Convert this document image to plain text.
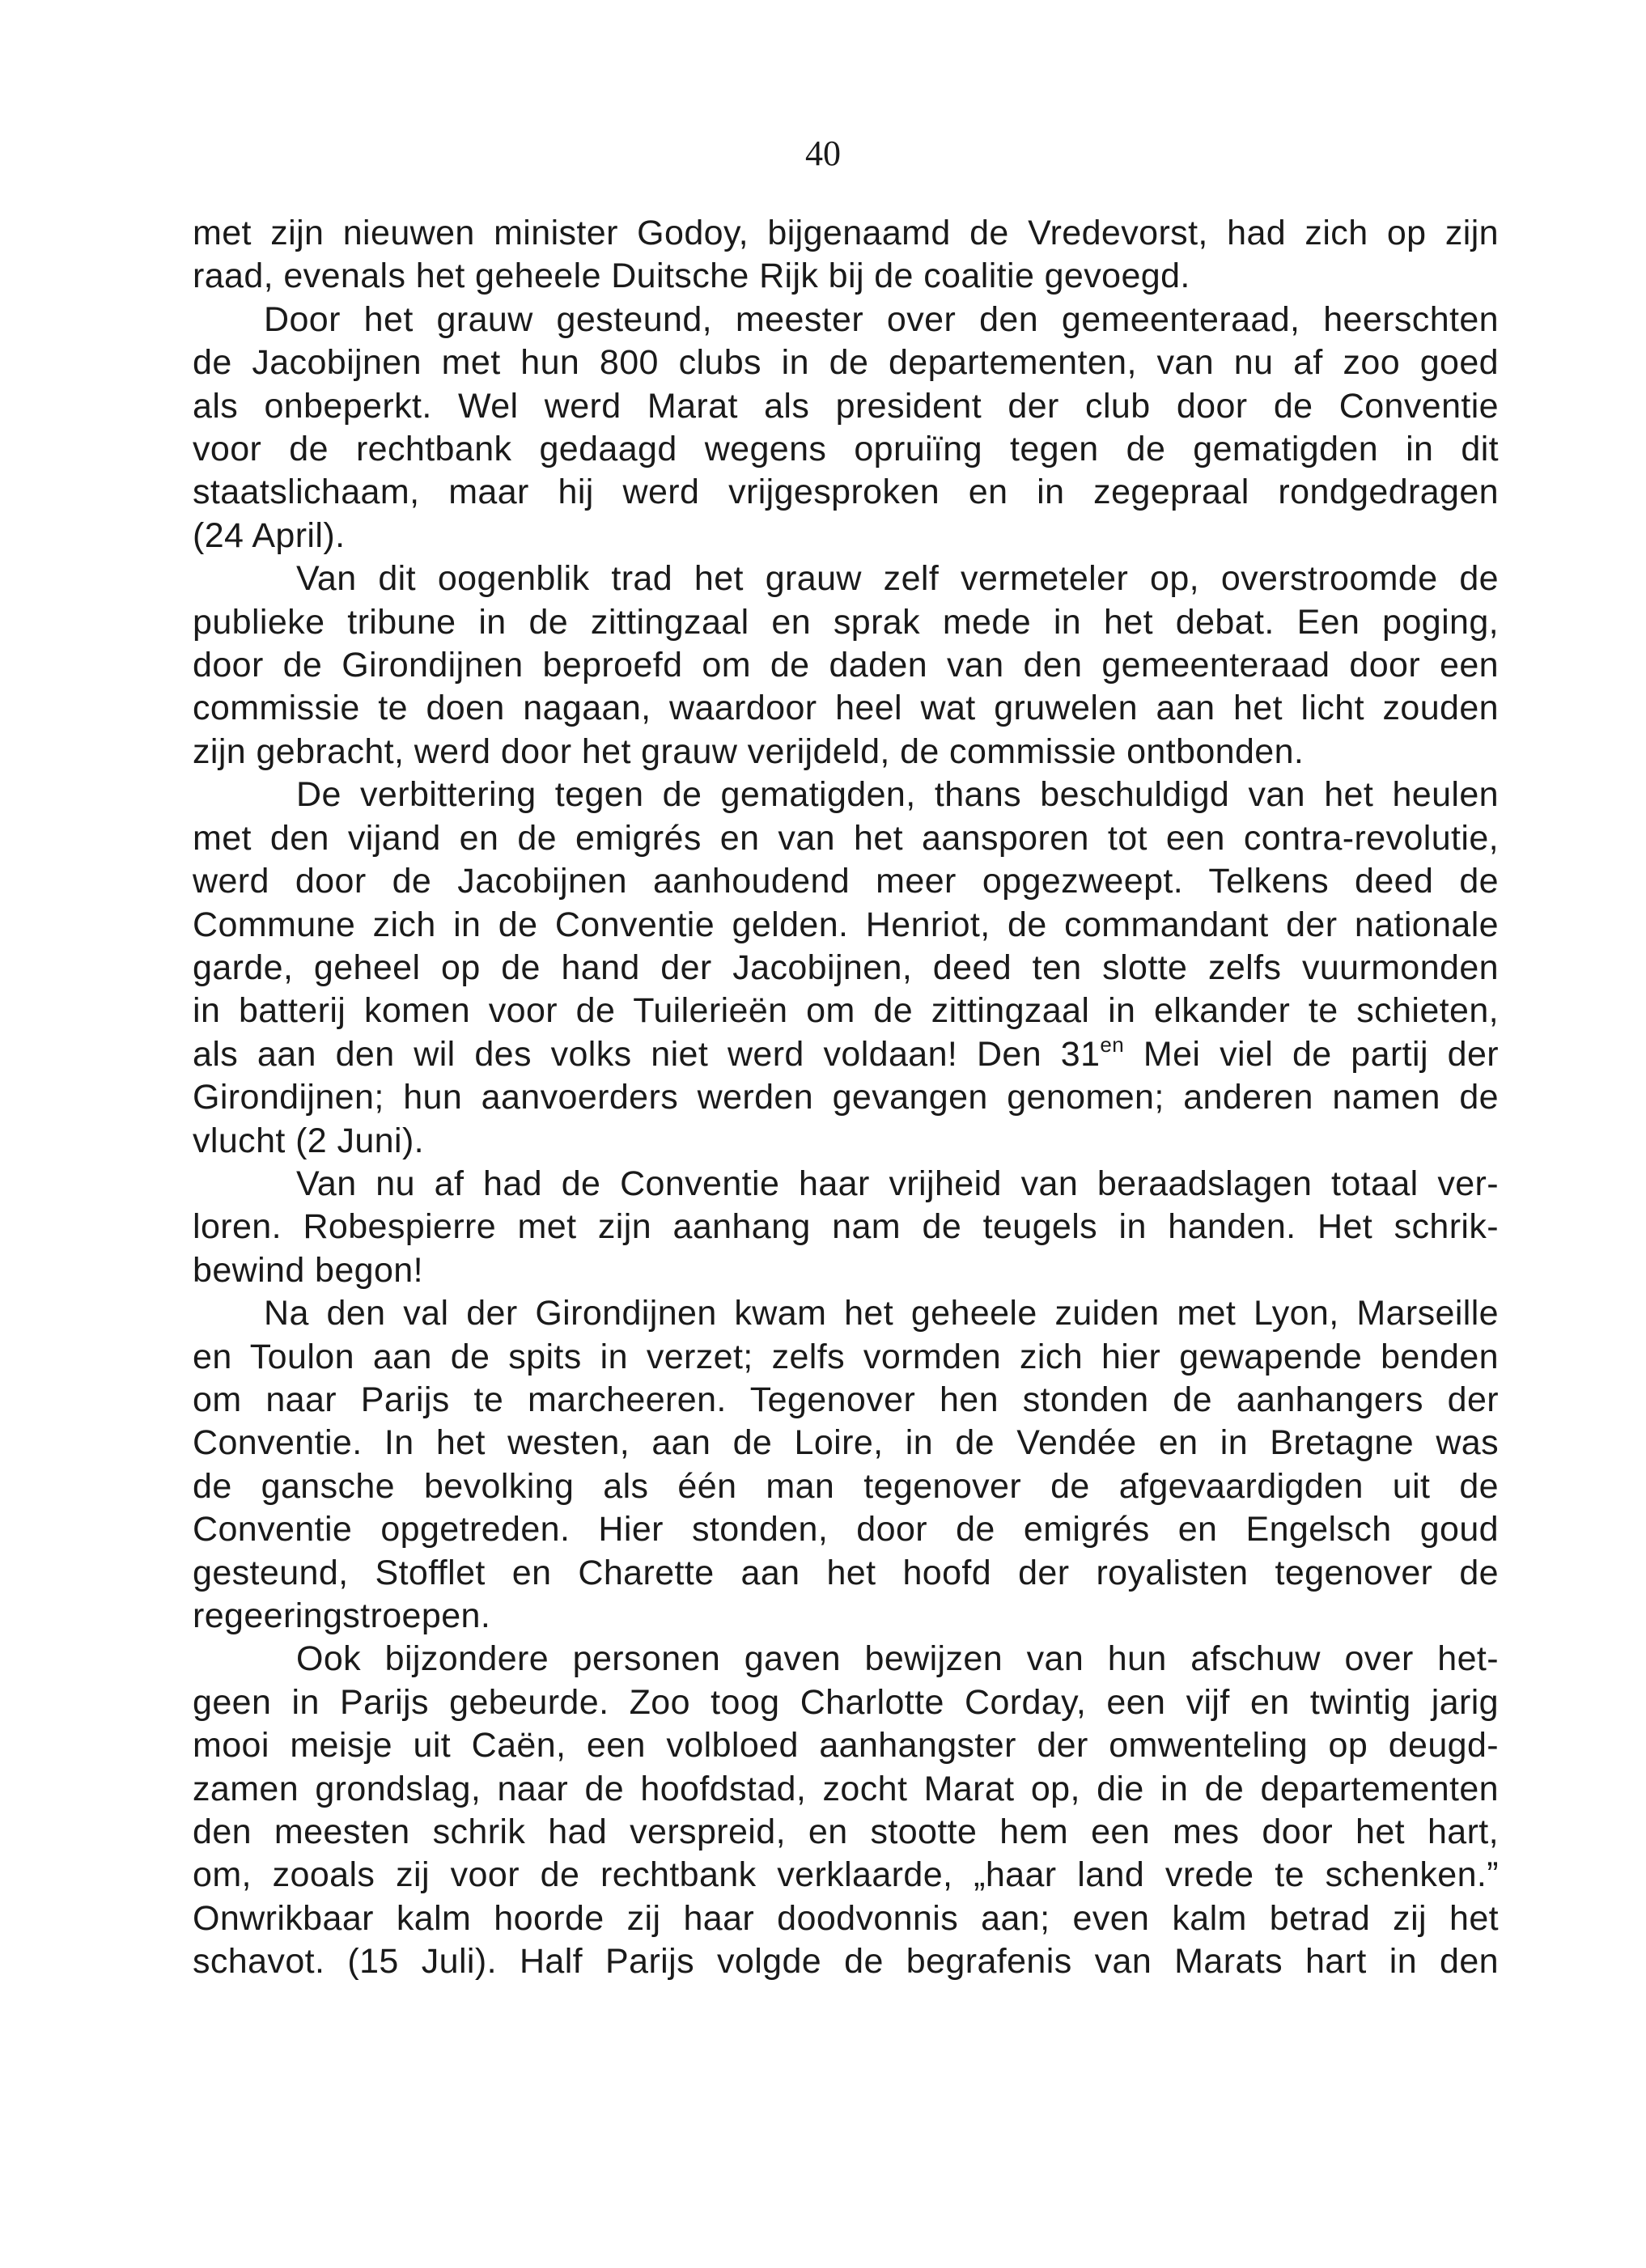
40

met zijn nieuwen minister Godoy, bijgenaamd de Vredevorst, had zich op zijn
raad, evenals het geheele Duitsche Rijk bij de coalitie gevoegd.

Door het grauw gesteund, meester over den gemeenteraad, heerschten
de Jacobijnen met hun 800 clubs in de departementen, van nu af zoo goed
als onbeperkt. Wel werd Marat als president der club door de Conventie
voor de rechtbank gedaagd wegens opruiïng tegen de gematigden in dit
staatslichaam, maar hij werd vrijgesproken en in zegepraal rondgedragen
(24 April).

Van dit oogenblik trad het grauw zelf vermeteler op, overstroomde de
publieke tribune in de zittingzaal en sprak mede in het debat. Een poging,
door de Girondijnen beproefd om de daden van den gemeenteraad door een
commissie te doen nagaan, waardoor heel wat gruwelen aan het licht zouden
zijn gebracht, werd door het grauw verijdeld, de commissie ontbonden.

De verbittering tegen de gematigden, thans beschuldigd van het heulen
met den vijand en de emigrés en van het aansporen tot een contra-revolutie,
werd door de Jacobijnen aanhoudend meer opgezweept. Telkens deed de
Commune zich in de Conventie gelden. Henriot, de commandant der nationale
garde, geheel op de hand der Jacobijnen, deed ten slotte zelfs vuurmonden
in batterij komen voor de Tuilerieën om de zittingzaal in elkander te schieten,
als aan den wil des volks niet werd voldaan! Den $31^{en}$ Mei viel de partij der
Girondijnen; hun aanvoerders werden gevangen genomen; anderen namen de
vlucht (2 Juni).

Van nu af had de Conventie haar vrijheid van beraadslagen totaal ver-
loren. Robespierre met zijn aanhang nam de teugels in handen. Het schrik-
bewind begon!

Na den val der Girondijnen kwam het geheele zuiden met Lyon, Marseille
en Toulon aan de spits in verzet; zelfs vormden zich hier gewapende benden
om naar Parijs te marcheeren. Tegenover hen stonden de aanhangers der
Conventie. In het westen, aan de Loire, in de Vendée en in Bretagne was
de gansche bevolking als één man tegenover de afgevaardigden uit de
Conventie opgetreden. Hier stonden, door de emigrés en Engelsch goud
gesteund, Stofflet en Charette aan het hoofd der royalisten tegenover de
regeeringstroepen.

Ook bijzondere personen gaven bewijzen van hun afschuw over het-
geen in Parijs gebeurde. Zoo toog Charlotte Corday, een vijf en twintig jarig
mooi meisje uit Caën, een volbloed aanhangster der omwenteling op deugd-
zamen grondslag, naar de hoofdstad, zocht Marat op, die in de departementen
den meesten schrik had verspreid, en stootte hem een mes door het hart,
om, zooals zij voor de rechtbank verklaarde, „haar land vrede te schenken.”
Onwrikbaar kalm hoorde zij haar doodvonnis aan; even kalm betrad zij het
schavot. (15 Juli). Half Parijs volgde de begrafenis van Marats hart in den
